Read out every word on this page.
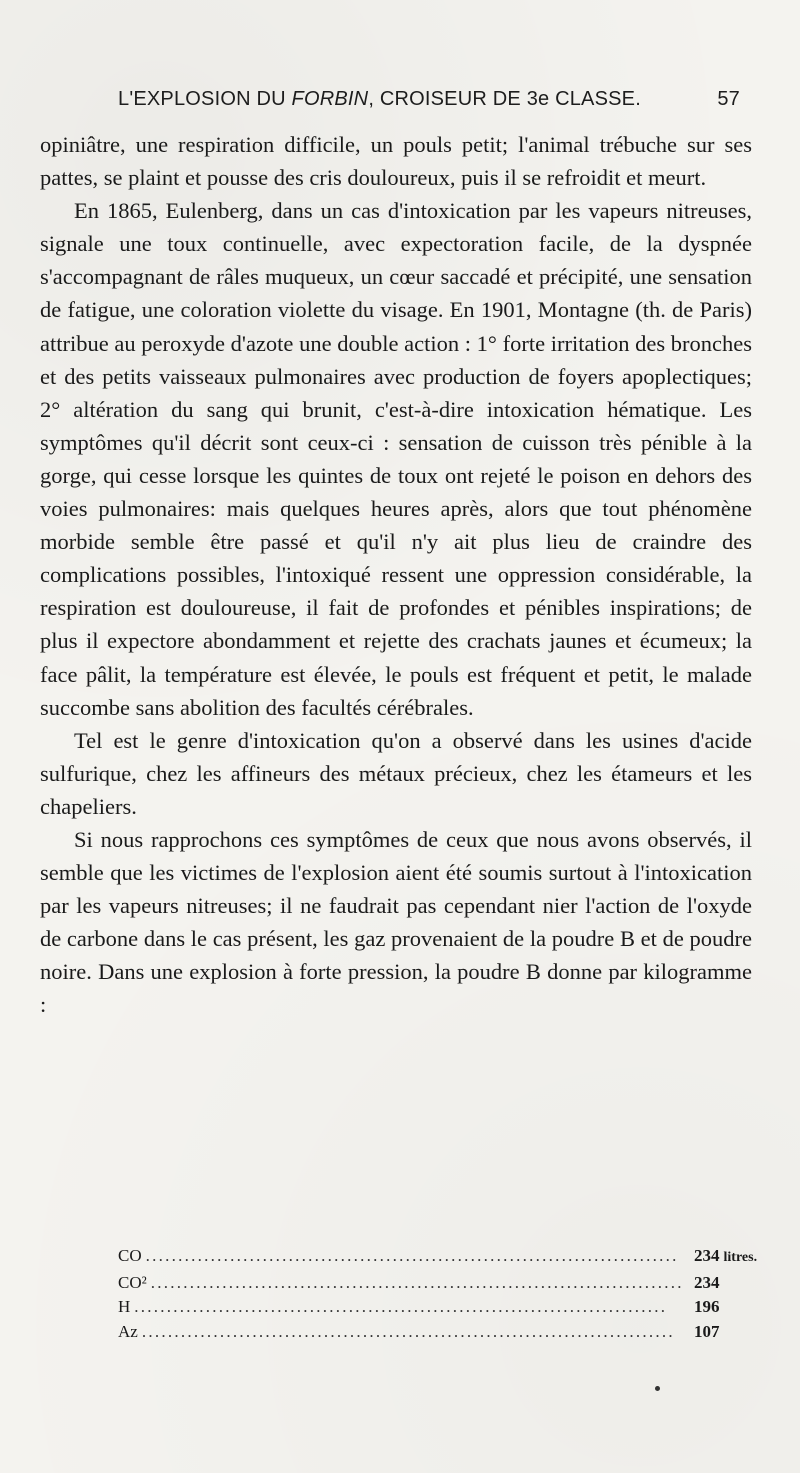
L'EXPLOSION DU FORBIN, CROISEUR DE 3e CLASSE.	57

opiniâtre, une respiration difficile, un pouls petit; l'animal trébuche sur ses pattes, se plaint et pousse des cris douloureux, puis il se refroidit et meurt.

En 1865, Eulenberg, dans un cas d'intoxication par les vapeurs nitreuses, signale une toux continuelle, avec expectoration facile, de la dyspnée s'accompagnant de râles muqueux, un cœur saccadé et précipité, une sensation de fatigue, une coloration violette du visage. En 1901, Montagne (th. de Paris) attribue au peroxyde d'azote une double action : 1° forte irritation des bronches et des petits vaisseaux pulmonaires avec production de foyers apoplectiques; 2° altération du sang qui brunit, c'est-à-dire intoxication hématique. Les symptômes qu'il décrit sont ceux-ci : sensation de cuisson très pénible à la gorge, qui cesse lorsque les quintes de toux ont rejeté le poison en dehors des voies pulmonaires: mais quelques heures après, alors que tout phénomène morbide semble être passé et qu'il n'y ait plus lieu de craindre des complications possibles, l'intoxiqué ressent une oppression considérable, la respiration est douloureuse, il fait de profondes et pénibles inspirations; de plus il expectore abondamment et rejette des crachats jaunes et écumeux; la face pâlit, la température est élevée, le pouls est fréquent et petit, le malade succombe sans abolition des facultés cérébrales.

Tel est le genre d'intoxication qu'on a observé dans les usines d'acide sulfurique, chez les affineurs des métaux précieux, chez les étameurs et les chapeliers.

Si nous rapprochons ces symptômes de ceux que nous avons observés, il semble que les victimes de l'explosion aient été soumis surtout à l'intoxication par les vapeurs nitreuses; il ne faudrait pas cependant nier l'action de l'oxyde de carbone dans le cas présent, les gaz provenaient de la poudre B et de poudre noire. Dans une explosion à forte pression, la poudre B donne par kilogramme :

CO . . .	234 litres.
CO² . . .	234
H . . .	196
Az . . .	107
